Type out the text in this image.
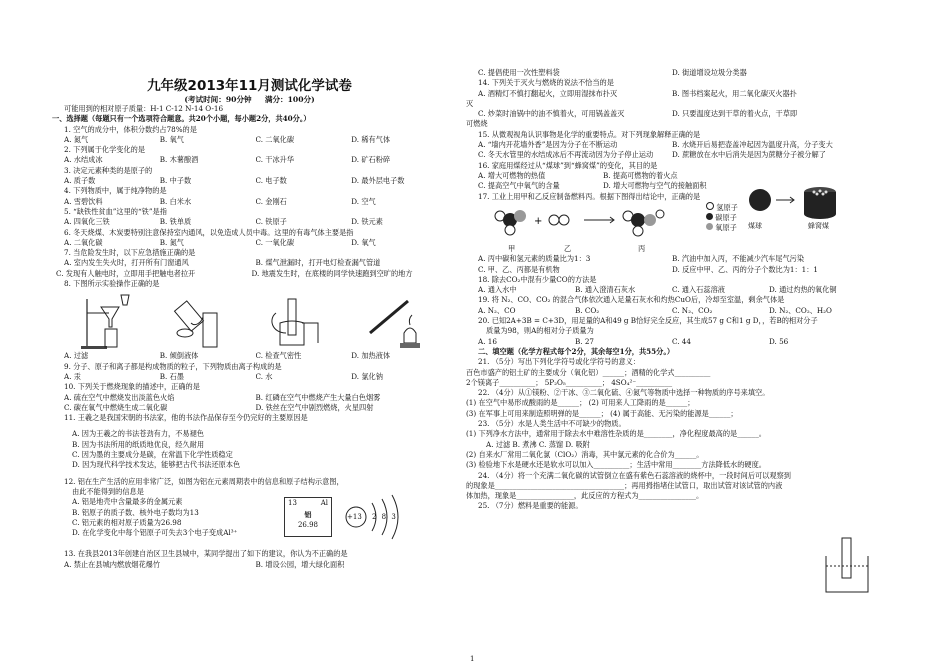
九年级2013年11月测试化学试卷
(考试时间：90分钟 满分：100分)
可能用到的相对原子质量：H-1 C-12 N-14 O-16
一、选择题（每题只有一个选项符合题意。共20个小题，每小题2分，共40分。）
1. 空气的成分中，体积分数约占78%的是
A. 氮气	B. 氧气	C. 二氧化碳	D. 稀有气体
2. 下列属于化学变化的是
A. 水结成冰	B. 木薯酿酒	C. 干冰升华	D. 矿石粉碎
3. 决定元素种类的是原子的
A. 质子数	B. 中子数	C. 电子数	D. 最外层电子数
4. 下列物质中，属于纯净物的是
A. 雪碧饮料	B. 白米水	C. 金刚石	D. 空气
5. “缺铁性贫血”这里的“铁”是指
A. 四氧化三铁	B. 铁单质	C. 铁原子	D. 铁元素
6. 冬天烧煤、木炭要特别注意保持室内通风，以免造成人员中毒。这里的有毒气体主要是指
A. 二氧化碳	B. 氮气	C. 一氧化碳	D. 氧气
7. 当危险发生时，以下应急措施正确的是
A. 室内发生失火时，打开所有门窗通风	B. 煤气泄漏时，打开电灯检查漏气管道
C. 发现有人触电时，立即用手把触电者拉开	D. 地震发生时，在底楼的同学快速跑到空旷的地方
8. 下图所示实验操作正确的是
A. 过滤	B. 倾倒液体	C. 检查气密性	D. 加热液体
9. 分子、原子和离子都是构成物质的粒子，下列物质由离子构成的是
A. 汞	B. 石墨	C. 水	D. 氯化钠
10. 下列关于燃烧现象的描述中，正确的是
A. 硫在空气中燃烧发出淡蓝色火焰	B. 红磷在空气中燃烧产生大量白色烟雾
C. 碳在氧气中燃烧生成二氧化碳	D. 铁丝在空气中剧烈燃烧，火星四射
11. 王羲之是我国宋朝的书法家，他的书法作品保存至今仍完好的主要原因是
A. 因为王羲之的书法苍劲有力，不易褪色
B. 因为书法所用的纸质地优良，经久耐用
C. 因为墨的主要成分是碳，在常温下化学性质稳定
D. 因为现代科学技术发达，能够把古代书法还原本色
12. 铝在生产生活的应用非常广泛，如图为铝在元素周期表中的信息和原子结构示意图，
由此不能得到的信息是
A. 铝是地壳中含量最多的金属元素
B. 铝原子的质子数、核外电子数均为13
C. 铝元素的相对原子质量为26.98
D. 在化学变化中每个铝原子可失去3个电子变成Al³⁺
13	Al
铝
26.98
+13 2 8 3
13. 在我县2013年创建自治区卫生县城中，某同学提出了如下的建议，你认为不正确的是
A. 禁止在县城内燃放烟花爆竹	B. 增设公园，增大绿化面积
C. 提倡使用一次性塑料袋	D. 街道增设垃圾分类器
14. 下列关于灭火与燃烧的说法不恰当的是
A. 酒精灯不慎打翻起火，立即用湿抹布扑灭	B. 图书档案起火，用二氧化碳灭火器扑
灭
C. 炒菜时油锅中的油不慎着火，可用锅盖盖灭	D. 只要温度达到干草的着火点，干草即
可燃烧
15. 从微观视角认识事物是化学的重要特点。对下列现象解释正确的是
A. “墙内开花墙外香”是因为分子在不断运动	B. 水烧开后易把壶盖冲起因为温度升高，分子变大
C. 冬天水管里的水结成冰后不再流动因为分子停止运动	D. 蔗糖放在水中后消失是因为蔗糖分子被分解了
16. 家庭用煤经过从“煤球”到“蜂窝煤”的变化，其目的是
A. 增大可燃物的热值	B. 提高可燃物的着火点
C. 提高空气中氧气的含量	D. 增大可燃物与空气的接触面积
17. 工业上用甲和乙反应制备燃料丙。根据下图得出结论中，正确的是
+
甲	乙	丙
氢原子
碳原子
氧原子
A. 丙中碳和氢元素的质量比为1：3	B. 汽油中加入丙，不能减少汽车尾气污染
C. 甲、乙、丙都是有机物	D. 反应中甲、乙、丙的分子个数比为1：1：1
18. 除去CO₂中混有少量CO的方法是
A. 通入水中	B. 通入澄清石灰水	C. 通入石蕊溶液	D. 通过灼热的氧化铜
19. 将 N₂、CO、CO₂ 的混合气体依次通入足量石灰水和灼热CuO后，冷却至室温，剩余气体是
A. N₂、CO	B. CO₂	C. N₂、CO₂	D. N₂、CO₂、H₂O
20. 已知2A+3B = C+3D，用足量的A和49 g B恰好完全反应，其生成57 g C和1 g D，，若B的相对分子
质量为98，则A的相对分子质量为
A. 16	B. 27	C. 44	D. 56
二、填空题（化学方程式每个2分，其余每空1分，共55分。）
21. （5分）写出下列化学符号或化学符号的意义：
百色市盛产的铝土矿的主要成分（氧化铝）______；酒精的化学式__________
2个镁离子__________； 5P₂O₅__________； 4SO₄²⁻__________
22. （4分）从①镁粉、②干冰、③二氧化硫、④氮气等物质中选择一种物质的序号来填空。
(1) 在空气中易形成酸雨的是______； (2) 可用来人工降雨的是______；
(3) 在军事上可用来制造照明弹的是______； (4) 属于高能、无污染的能源是______；
23. （5分）水是人类生活中不可缺少的物质。
(1) 下列净水方法中，通常用于除去水中难溶性杂质的是________，净化程度最高的是______。
A. 过滤 B. 煮沸 C. 蒸馏 D. 吸附
(2) 自来水厂常用二氧化氯（ClO₂）消毒，其中氯元素的化合价为______。
(3) 检验地下水是硬水还是软水可以加入__________；生活中常用________方法降低水的硬度。
24. （4分）将一个充满二氧化碳的试管倒立在盛有紫色石蕊溶液的烧杯中，一段时间后可以观察到
的现象是____________________________________；再用拇指堵住试管口，取出试管对该试管的内液
体加热，现象是________________，此反应的方程式为________________。
25. （7分）燃料是重要的能源。
煤球	蜂窝煤
1
